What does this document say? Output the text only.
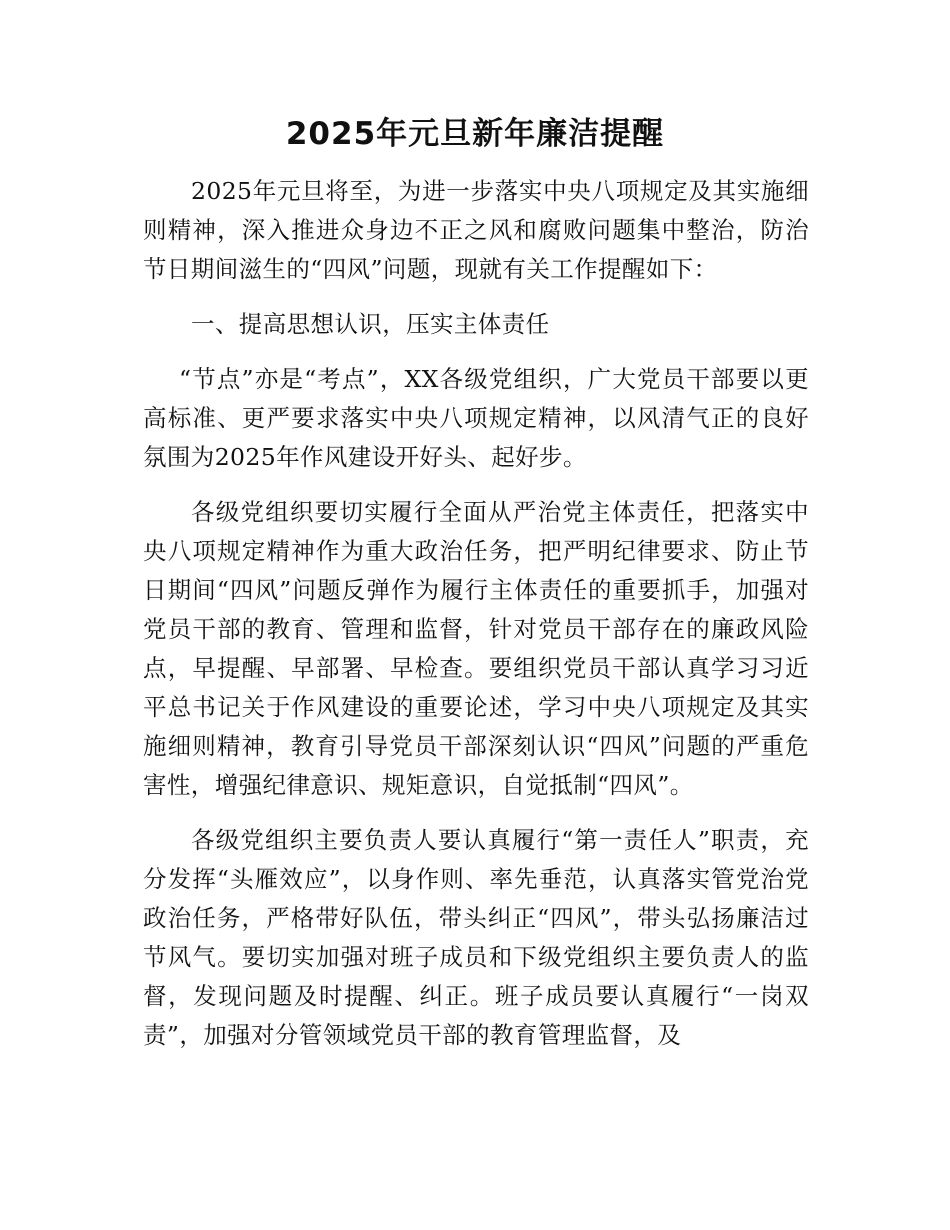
2025年元旦新年廉洁提醒

2025年元旦将至，为进一步落实中央八项规定及其实施细则精神，深入推进众身边不正之风和腐败问题集中整治，防治节日期间滋生的“四风”问题，现就有关工作提醒如下：

一、提高思想认识，压实主体责任

“节点”亦是“考点”，XX各级党组织，广大党员干部要以更高标准、更严要求落实中央八项规定精神，以风清气正的良好氛围为2025年作风建设开好头、起好步。

各级党组织要切实履行全面从严治党主体责任，把落实中央八项规定精神作为重大政治任务，把严明纪律要求、防止节日期间“四风”问题反弹作为履行主体责任的重要抓手，加强对党员干部的教育、管理和监督，针对党员干部存在的廉政风险点，早提醒、早部署、早检查。要组织党员干部认真学习习近平总书记关于作风建设的重要论述，学习中央八项规定及其实施细则精神，教育引导党员干部深刻认识“四风”问题的严重危害性，增强纪律意识、规矩意识，自觉抵制“四风”。

各级党组织主要负责人要认真履行“第一责任人”职责，充分发挥“头雁效应”，以身作则、率先垂范，认真落实管党治党政治任务，严格带好队伍，带头纠正“四风”，带头弘扬廉洁过节风气。要切实加强对班子成员和下级党组织主要负责人的监督，发现问题及时提醒、纠正。班子成员要认真履行“一岗双责”，加强对分管领域党员干部的教育管理监督，及
